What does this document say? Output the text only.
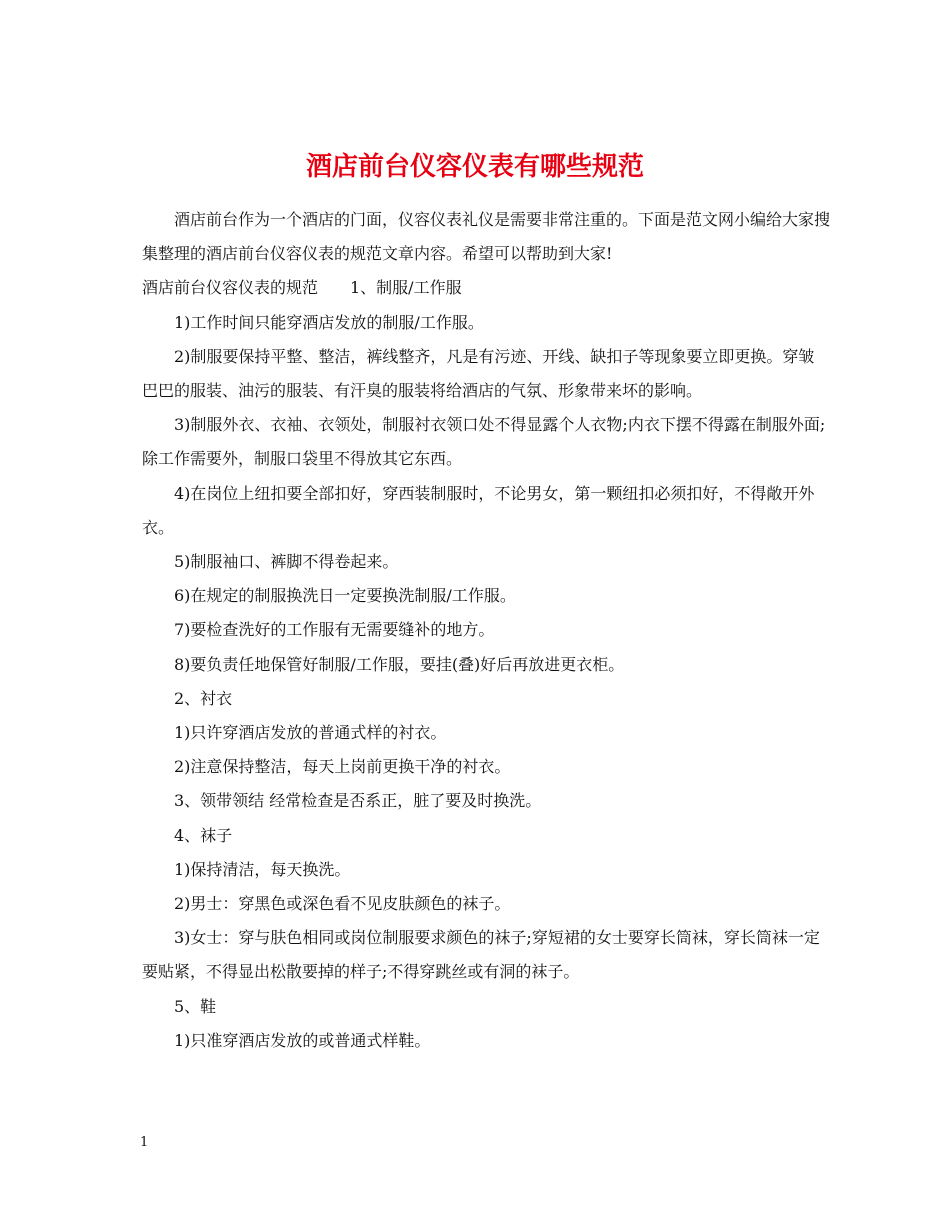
酒店前台仪容仪表有哪些规范

酒店前台作为一个酒店的门面，仪容仪表礼仪是需要非常注重的。下面是范文网小编给大家搜集整理的酒店前台仪容仪表的规范文章内容。希望可以帮助到大家!

酒店前台仪容仪表的规范　　1、制服/工作服

1)工作时间只能穿酒店发放的制服/工作服。

2)制服要保持平整、整洁，裤线整齐，凡是有污迹、开线、缺扣子等现象要立即更换。穿皱巴巴的服装、油污的服装、有汗臭的服装将给酒店的气氛、形象带来坏的影响。

3)制服外衣、衣袖、衣领处，制服衬衣领口处不得显露个人衣物;内衣下摆不得露在制服外面;除工作需要外，制服口袋里不得放其它东西。

4)在岗位上纽扣要全部扣好，穿西装制服时，不论男女，第一颗纽扣必须扣好，不得敞开外衣。

5)制服袖口、裤脚不得卷起来。

6)在规定的制服换洗日一定要换洗制服/工作服。

7)要检查洗好的工作服有无需要缝补的地方。

8)要负责任地保管好制服/工作服，要挂(叠)好后再放进更衣柜。

2、衬衣

1)只许穿酒店发放的普通式样的衬衣。

2)注意保持整洁，每天上岗前更换干净的衬衣。

3、领带领结 经常检查是否系正，脏了要及时换洗。

4、袜子

1)保持清洁，每天换洗。

2)男士：穿黑色或深色看不见皮肤颜色的袜子。

3)女士：穿与肤色相同或岗位制服要求颜色的袜子;穿短裙的女士要穿长筒袜，穿长筒袜一定要贴紧，不得显出松散要掉的样子;不得穿跳丝或有洞的袜子。

5、鞋

1)只准穿酒店发放的或普通式样鞋。

1
